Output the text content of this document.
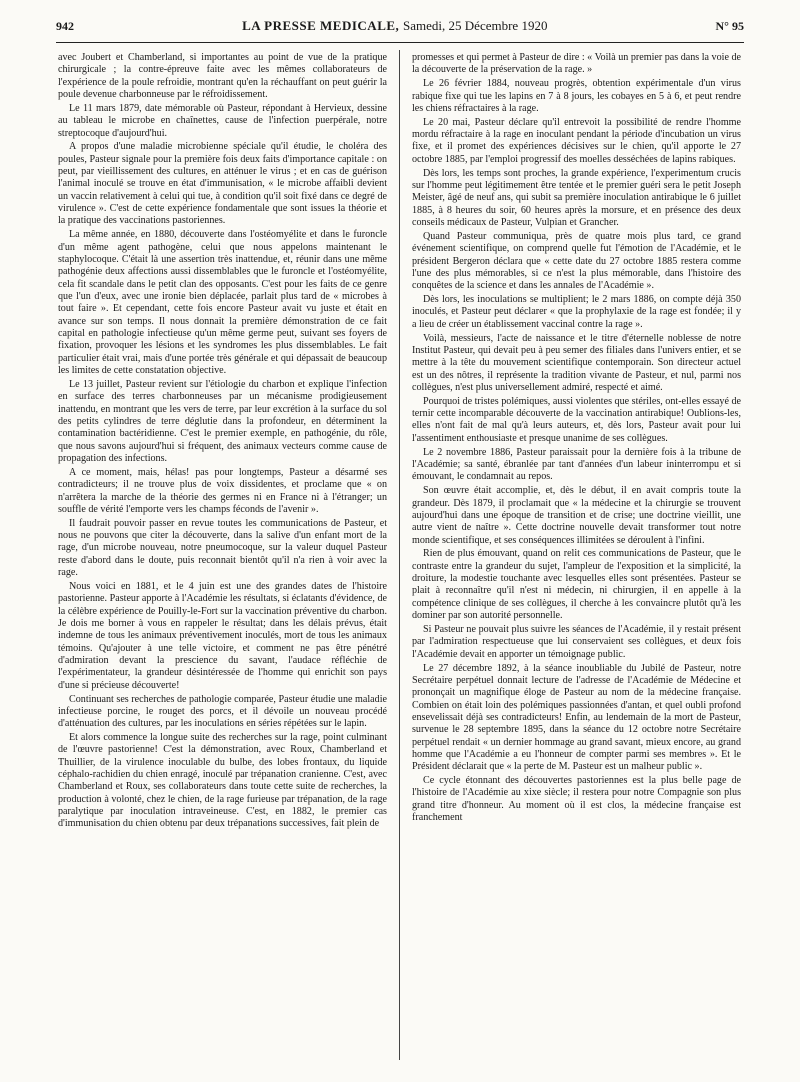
942	LA PRESSE MEDICALE, Samedi, 25 Décembre 1920	N° 95

avec Joubert et Chamberland, si importantes au point de vue de la pratique chirurgicale ; la contre-épreuve faite avec les mêmes collaborateurs de l'expérience de la poule refroidie, montrant qu'en la réchauffant on peut guérir la poule devenue charbonneuse par le réfroidissement.

Le 11 mars 1879, date mémorable où Pasteur, répondant à Hervieux, dessine au tableau le microbe en chaînettes, cause de l'infection puerpérale, notre streptocoque d'aujourd'hui.

A propos d'une maladie microbienne spéciale qu'il étudie, le choléra des poules, Pasteur signale pour la première fois deux faits d'importance capitale : on peut, par vieillissement des cultures, en atténuer le virus ; et en cas de guérison l'animal inoculé se trouve en état d'immunisation, « le microbe affaibli devient un vaccin relativement à celui qui tue, à condition qu'il soit fixé dans ce degré de virulence ». C'est de cette expérience fondamentale que sont issues la théorie et la pratique des vaccinations pastoriennes.

La même année, en 1880, découverte dans l'ostéomyélite et dans le furoncle d'un même agent pathogène, celui que nous appelons maintenant le staphylocoque. C'était là une assertion très inattendue, et, réunir dans une même pathogénie deux affections aussi dissemblables que le furoncle et l'ostéomyélite, cela fit scandale dans le petit clan des opposants. C'est pour les faits de ce genre que l'un d'eux, avec une ironie bien déplacée, parlait plus tard de « microbes à tout faire ». Et cependant, cette fois encore Pasteur avait vu juste et était en avance sur son temps. Il nous donnait la première démonstration de ce fait capital en pathologie infectieuse qu'un même germe peut, suivant ses foyers de fixation, provoquer les lésions et les syndromes les plus dissemblables. Le fait particulier était vrai, mais d'une portée très générale et qui dépassait de beaucoup les limites de cette constatation objective.

Le 13 juillet, Pasteur revient sur l'étiologie du charbon et explique l'infection en surface des terres charbonneuses par un mécanisme prodigieusement inattendu, en montrant que les vers de terre, par leur excrétion à la surface du sol des petits cylindres de terre déglutie dans la profondeur, en déterminent la contamination bactéridienne. C'est le premier exemple, en pathogénie, du rôle, que nous savons aujourd'hui si fréquent, des animaux vecteurs comme cause de propagation des infections.

A ce moment, mais, hélas! pas pour longtemps, Pasteur a désarmé ses contradicteurs; il ne trouve plus de voix dissidentes, et proclame que « on n'arrêtera la marche de la théorie des germes ni en France ni à l'étranger; un souffle de vérité l'emporte vers les champs féconds de l'avenir ».

Il faudrait pouvoir passer en revue toutes les communications de Pasteur, et nous ne pouvons que citer la découverte, dans la salive d'un enfant mort de la rage, d'un microbe nouveau, notre pneumocoque, sur la valeur duquel Pasteur reste d'abord dans le doute, puis reconnait bientôt qu'il n'a rien à voir avec la rage.

Nous voici en 1881, et le 4 juin est une des grandes dates de l'histoire pastorienne. Pasteur apporte à l'Académie les résultats, si éclatants d'évidence, de la célèbre expérience de Pouilly-le-Fort sur la vaccination préventive du charbon. Je dois me borner à vous en rappeler le résultat; dans les délais prévus, était indemne de tous les animaux préventivement inoculés, mort de tous les animaux témoins. Qu'ajouter à une telle victoire, et comment ne pas être pénétré d'admiration devant la prescience du savant, l'audace réfléchie de l'expérimentateur, la grandeur désintéressée de l'homme qui enrichit son pays d'une si précieuse découverte!

Continuant ses recherches de pathologie comparée, Pasteur étudie une maladie infectieuse porcine, le rouget des porcs, et il dévoile un nouveau procédé d'atténuation des cultures, par les inoculations en séries répétées sur le lapin.

Et alors commence la longue suite des recherches sur la rage, point culminant de l'œuvre pastorienne! C'est la démonstration, avec Roux, Chamberland et Thuillier, de la virulence inoculable du bulbe, des lobes frontaux, du liquide céphalo-rachidien du chien enragé, inoculé par trépanation cranienne. C'est, avec Chamberland et Roux, ses collaborateurs dans toute cette suite de recherches, la production à volonté, chez le chien, de la rage furieuse par trépanation, de la rage paralytique par inoculation intraveineuse. C'est, en 1882, le premier cas d'immunisation du chien obtenu par deux trépanations successives, fait plein de

promesses et qui permet à Pasteur de dire : « Voilà un premier pas dans la voie de la découverte de la préservation de la rage. »

Le 26 février 1884, nouveau progrès, obtention expérimentale d'un virus rabique fixe qui tue les lapins en 7 à 8 jours, les cobayes en 5 à 6, et peut rendre les chiens réfractaires à la rage.

Le 20 mai, Pasteur déclare qu'il entrevoit la possibilité de rendre l'homme mordu réfractaire à la rage en inoculant pendant la période d'incubation un virus fixe, et il promet des expériences décisives sur le chien, qu'il apporte le 27 octobre 1885, par l'emploi progressif des moelles desséchées de lapins rabiques.

Dès lors, les temps sont proches, la grande expérience, l'experimentum crucis sur l'homme peut légitimement être tentée et le premier guéri sera le petit Joseph Meister, âgé de neuf ans, qui subit sa première inoculation antirabique le 6 juillet 1885, à 8 heures du soir, 60 heures après la morsure, et en présence des deux conseils médicaux de Pasteur, Vulpian et Grancher.

Quand Pasteur communiqua, près de quatre mois plus tard, ce grand événement scientifique, on comprend quelle fut l'émotion de l'Académie, et le président Bergeron déclara que « cette date du 27 octobre 1885 restera comme l'une des plus mémorables, si ce n'est la plus mémorable, dans l'histoire des conquêtes de la science et dans les annales de l'Académie ».

Dès lors, les inoculations se multiplient; le 2 mars 1886, on compte déjà 350 inoculés, et Pasteur peut déclarer « que la prophylaxie de la rage est fondée; il y a lieu de créer un établissement vaccinal contre la rage ».

Voilà, messieurs, l'acte de naissance et le titre d'éternelle noblesse de notre Institut Pasteur, qui devait peu à peu semer des filiales dans l'univers entier, et se mettre à la tête du mouvement scientifique contemporain. Son directeur actuel est un des nôtres, il représente la tradition vivante de Pasteur, et nul, parmi nos collègues, n'est plus universellement admiré, respecté et aimé.

Pourquoi de tristes polémiques, aussi violentes que stériles, ont-elles essayé de ternir cette incomparable découverte de la vaccination antirabique! Oublions-les, elles n'ont fait de mal qu'à leurs auteurs, et, dès lors, Pasteur avait pour lui l'assentiment enthousiaste et presque unanime de ses collègues.

Le 2 novembre 1886, Pasteur paraissait pour la dernière fois à la tribune de l'Académie; sa santé, ébranlée par tant d'années d'un labeur ininterrompu et si émouvant, le condamnait au repos.

Son œuvre était accomplie, et, dès le début, il en avait compris toute la grandeur. Dès 1879, il proclamait que « la médecine et la chirurgie se trouvent aujourd'hui dans une époque de transition et de crise; une doctrine vieillit, une autre vient de naître ». Cette doctrine nouvelle devait transformer tout notre monde scientifique, et ses conséquences illimitées se déroulent à l'infini.

Rien de plus émouvant, quand on relit ces communications de Pasteur, que le contraste entre la grandeur du sujet, l'ampleur de l'exposition et la simplicité, la droiture, la modestie touchante avec lesquelles elles sont présentées. Pasteur se plait à reconnaître qu'il n'est ni médecin, ni chirurgien, il en appelle à la compétence clinique de ses collègues, il cherche à les convaincre plutôt qu'à les dominer par son autorité personnelle.

Si Pasteur ne pouvait plus suivre les séances de l'Académie, il y restait présent par l'admiration respectueuse que lui conservaient ses collègues, et deux fois l'Académie devait en apporter un témoignage public.

Le 27 décembre 1892, à la séance inoubliable du Jubilé de Pasteur, notre Secrétaire perpétuel donnait lecture de l'adresse de l'Académie de Médecine et prononçait un magnifique éloge de Pasteur au nom de la médecine française. Combien on était loin des polémiques passionnées d'antan, et quel oubli profond ensevelissait déjà ses contradicteurs! Enfin, au lendemain de la mort de Pasteur, survenue le 28 septembre 1895, dans la séance du 12 octobre notre Secrétaire perpétuel rendait « un dernier hommage au grand savant, mieux encore, au grand homme que l'Académie a eu l'honneur de compter parmi ses membres ». Et le Président déclarait que « la perte de M. Pasteur est un malheur public ».

Ce cycle étonnant des découvertes pastoriennes est la plus belle page de l'histoire de l'Académie au xixe siècle; il restera pour notre Compagnie son plus grand titre d'honneur. Au moment où il est clos, la médecine française est franchement
